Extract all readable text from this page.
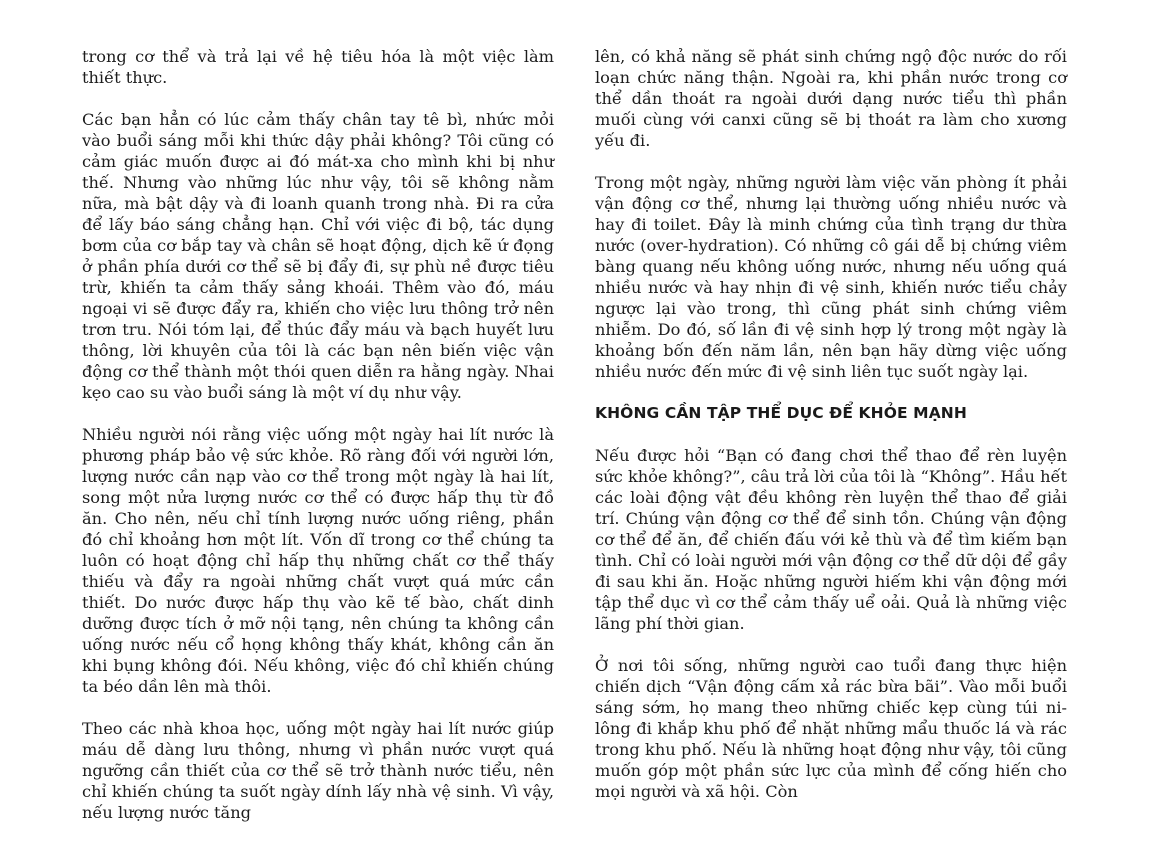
trong cơ thể và trả lại về hệ tiêu hóa là một việc làm thiết thực.

Các bạn hẳn có lúc cảm thấy chân tay tê bì, nhức mỏi vào buổi sáng mỗi khi thức dậy phải không? Tôi cũng có cảm giác muốn được ai đó mát-xa cho mình khi bị như thế. Nhưng vào những lúc như vậy, tôi sẽ không nằm nữa, mà bật dậy và đi loanh quanh trong nhà. Đi ra cửa để lấy báo sáng chẳng hạn. Chỉ với việc đi bộ, tác dụng bơm của cơ bắp tay và chân sẽ hoạt động, dịch kẽ ứ đọng ở phần phía dưới cơ thể sẽ bị đẩy đi, sự phù nề được tiêu trừ, khiến ta cảm thấy sảng khoái. Thêm vào đó, máu ngoại vi sẽ được đẩy ra, khiến cho việc lưu thông trở nên trơn tru. Nói tóm lại, để thúc đẩy máu và bạch huyết lưu thông, lời khuyên của tôi là các bạn nên biến việc vận động cơ thể thành một thói quen diễn ra hằng ngày. Nhai kẹo cao su vào buổi sáng là một ví dụ như vậy.

Nhiều người nói rằng việc uống một ngày hai lít nước là phương pháp bảo vệ sức khỏe. Rõ ràng đối với người lớn, lượng nước cần nạp vào cơ thể trong một ngày là hai lít, song một nửa lượng nước cơ thể có được hấp thụ từ đồ ăn. Cho nên, nếu chỉ tính lượng nước uống riêng, phần đó chỉ khoảng hơn một lít. Vốn dĩ trong cơ thể chúng ta luôn có hoạt động chỉ hấp thụ những chất cơ thể thấy thiếu và đẩy ra ngoài những chất vượt quá mức cần thiết. Do nước được hấp thụ vào kẽ tế bào, chất dinh dưỡng được tích ở mỡ nội tạng, nên chúng ta không cần uống nước nếu cổ họng không thấy khát, không cần ăn khi bụng không đói. Nếu không, việc đó chỉ khiến chúng ta béo dần lên mà thôi.

Theo các nhà khoa học, uống một ngày hai lít nước giúp máu dễ dàng lưu thông, nhưng vì phần nước vượt quá ngưỡng cần thiết của cơ thể sẽ trở thành nước tiểu, nên chỉ khiến chúng ta suốt ngày dính lấy nhà vệ sinh. Vì vậy, nếu lượng nước tăng

lên, có khả năng sẽ phát sinh chứng ngộ độc nước do rối loạn chức năng thận. Ngoài ra, khi phần nước trong cơ thể dần thoát ra ngoài dưới dạng nước tiểu thì phần muối cùng với canxi cũng sẽ bị thoát ra làm cho xương yếu đi.

Trong một ngày, những người làm việc văn phòng ít phải vận động cơ thể, nhưng lại thường uống nhiều nước và hay đi toilet. Đây là minh chứng của tình trạng dư thừa nước (over-hydration). Có những cô gái dễ bị chứng viêm bàng quang nếu không uống nước, nhưng nếu uống quá nhiều nước và hay nhịn đi vệ sinh, khiến nước tiểu chảy ngược lại vào trong, thì cũng phát sinh chứng viêm nhiễm. Do đó, số lần đi vệ sinh hợp lý trong một ngày là khoảng bốn đến năm lần, nên bạn hãy dừng việc uống nhiều nước đến mức đi vệ sinh liên tục suốt ngày lại.

KHÔNG CẦN TẬP THỂ DỤC ĐỂ KHỎE MẠNH

Nếu được hỏi “Bạn có đang chơi thể thao để rèn luyện sức khỏe không?”, câu trả lời của tôi là “Không”. Hầu hết các loài động vật đều không rèn luyện thể thao để giải trí. Chúng vận động cơ thể để sinh tồn. Chúng vận động cơ thể để ăn, để chiến đấu với kẻ thù và để tìm kiếm bạn tình. Chỉ có loài người mới vận động cơ thể dữ dội để gầy đi sau khi ăn. Hoặc những người hiếm khi vận động mới tập thể dục vì cơ thể cảm thấy uể oải. Quả là những việc lãng phí thời gian.

Ở nơi tôi sống, những người cao tuổi đang thực hiện chiến dịch “Vận động cấm xả rác bừa bãi”. Vào mỗi buổi sáng sớm, họ mang theo những chiếc kẹp cùng túi ni-lông đi khắp khu phố để nhặt những mẩu thuốc lá và rác trong khu phố. Nếu là những hoạt động như vậy, tôi cũng muốn góp một phần sức lực của mình để cống hiến cho mọi người và xã hội. Còn
